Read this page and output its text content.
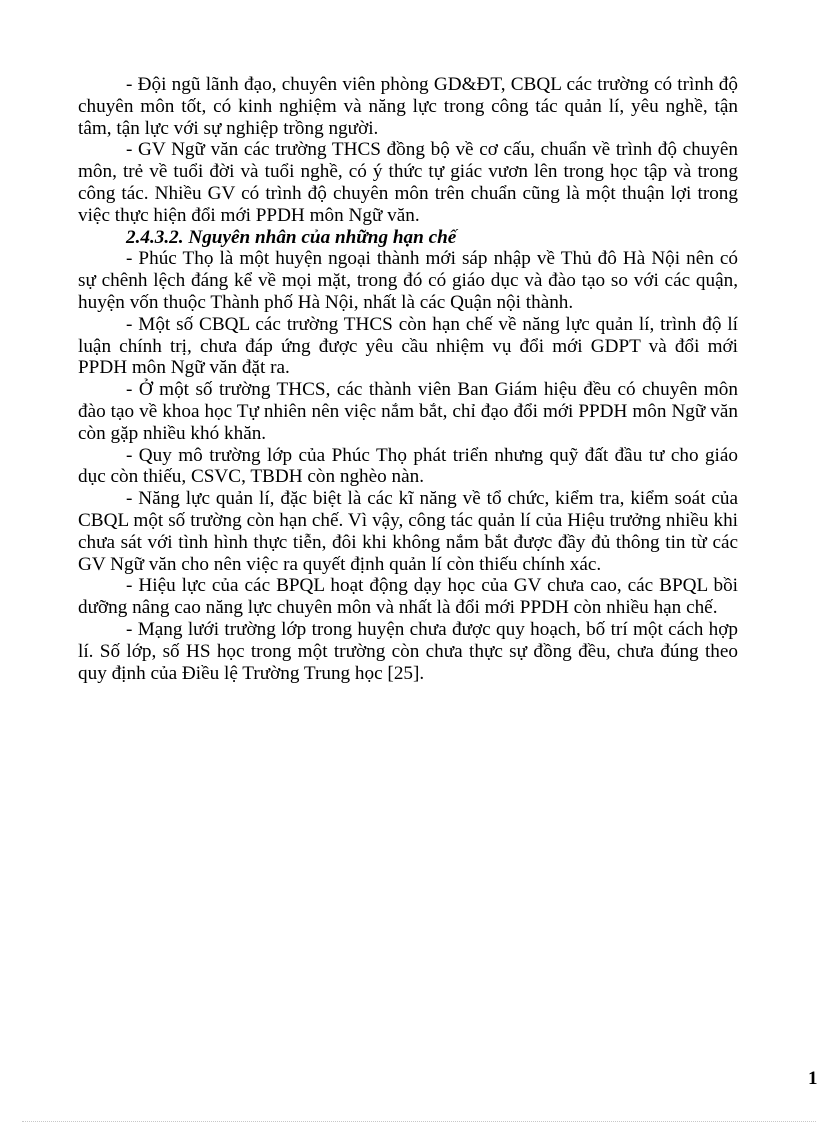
- Đội ngũ lãnh đạo, chuyên viên phòng GD&ĐT, CBQL các trường có trình độ chuyên môn tốt, có kinh nghiệm và năng lực trong công tác quản lí, yêu nghề, tận tâm, tận lực với sự nghiệp trồng người.

- GV Ngữ văn các trường THCS đồng bộ về cơ cấu, chuẩn về trình độ chuyên môn, trẻ về tuổi đời và tuổi nghề, có ý thức tự giác vươn lên trong học tập và trong công tác. Nhiều GV có trình độ chuyên môn trên chuẩn cũng là một thuận lợi trong việc thực hiện đổi mới PPDH môn Ngữ văn.

2.4.3.2. Nguyên nhân của những hạn chế

- Phúc Thọ là một huyện ngoại thành mới sáp nhập về Thủ đô Hà Nội nên có sự chênh lệch đáng kể về mọi mặt, trong đó có giáo dục và đào tạo so với các quận, huyện vốn thuộc Thành phố Hà Nội, nhất là các Quận nội thành.

- Một số CBQL các trường THCS còn hạn chế về năng lực quản lí, trình độ lí luận chính trị, chưa đáp ứng được yêu cầu nhiệm vụ đổi mới GDPT và đổi mới PPDH môn Ngữ văn đặt ra.

- Ở một số trường THCS, các thành viên Ban Giám hiệu đều có chuyên môn đào tạo về khoa học Tự nhiên nên việc nắm bắt, chỉ đạo đổi mới PPDH môn Ngữ văn còn gặp nhiều khó khăn.

- Quy mô trường lớp của Phúc Thọ phát triển nhưng quỹ đất đầu tư cho giáo dục còn thiếu, CSVC, TBDH còn nghèo nàn.

- Năng lực quản lí, đặc biệt là các kĩ năng về tổ chức, kiểm tra, kiểm soát của CBQL một số trường còn hạn chế. Vì vậy, công tác quản lí của Hiệu trưởng nhiều khi chưa sát với tình hình thực tiễn, đôi khi không nắm bắt được đầy đủ thông tin từ các GV Ngữ văn cho nên việc ra quyết định quản lí còn thiếu chính xác.

- Hiệu lực của các BPQL hoạt động dạy học của GV chưa cao, các BPQL bồi dưỡng nâng cao năng lực chuyên môn và nhất là đổi mới PPDH còn nhiều hạn chế.

- Mạng lưới trường lớp trong huyện chưa được quy hoạch, bố trí một cách hợp lí. Số lớp, số HS học trong một trường còn chưa thực sự đồng đều, chưa đúng theo quy định của Điều lệ Trường Trung học [25].

1
